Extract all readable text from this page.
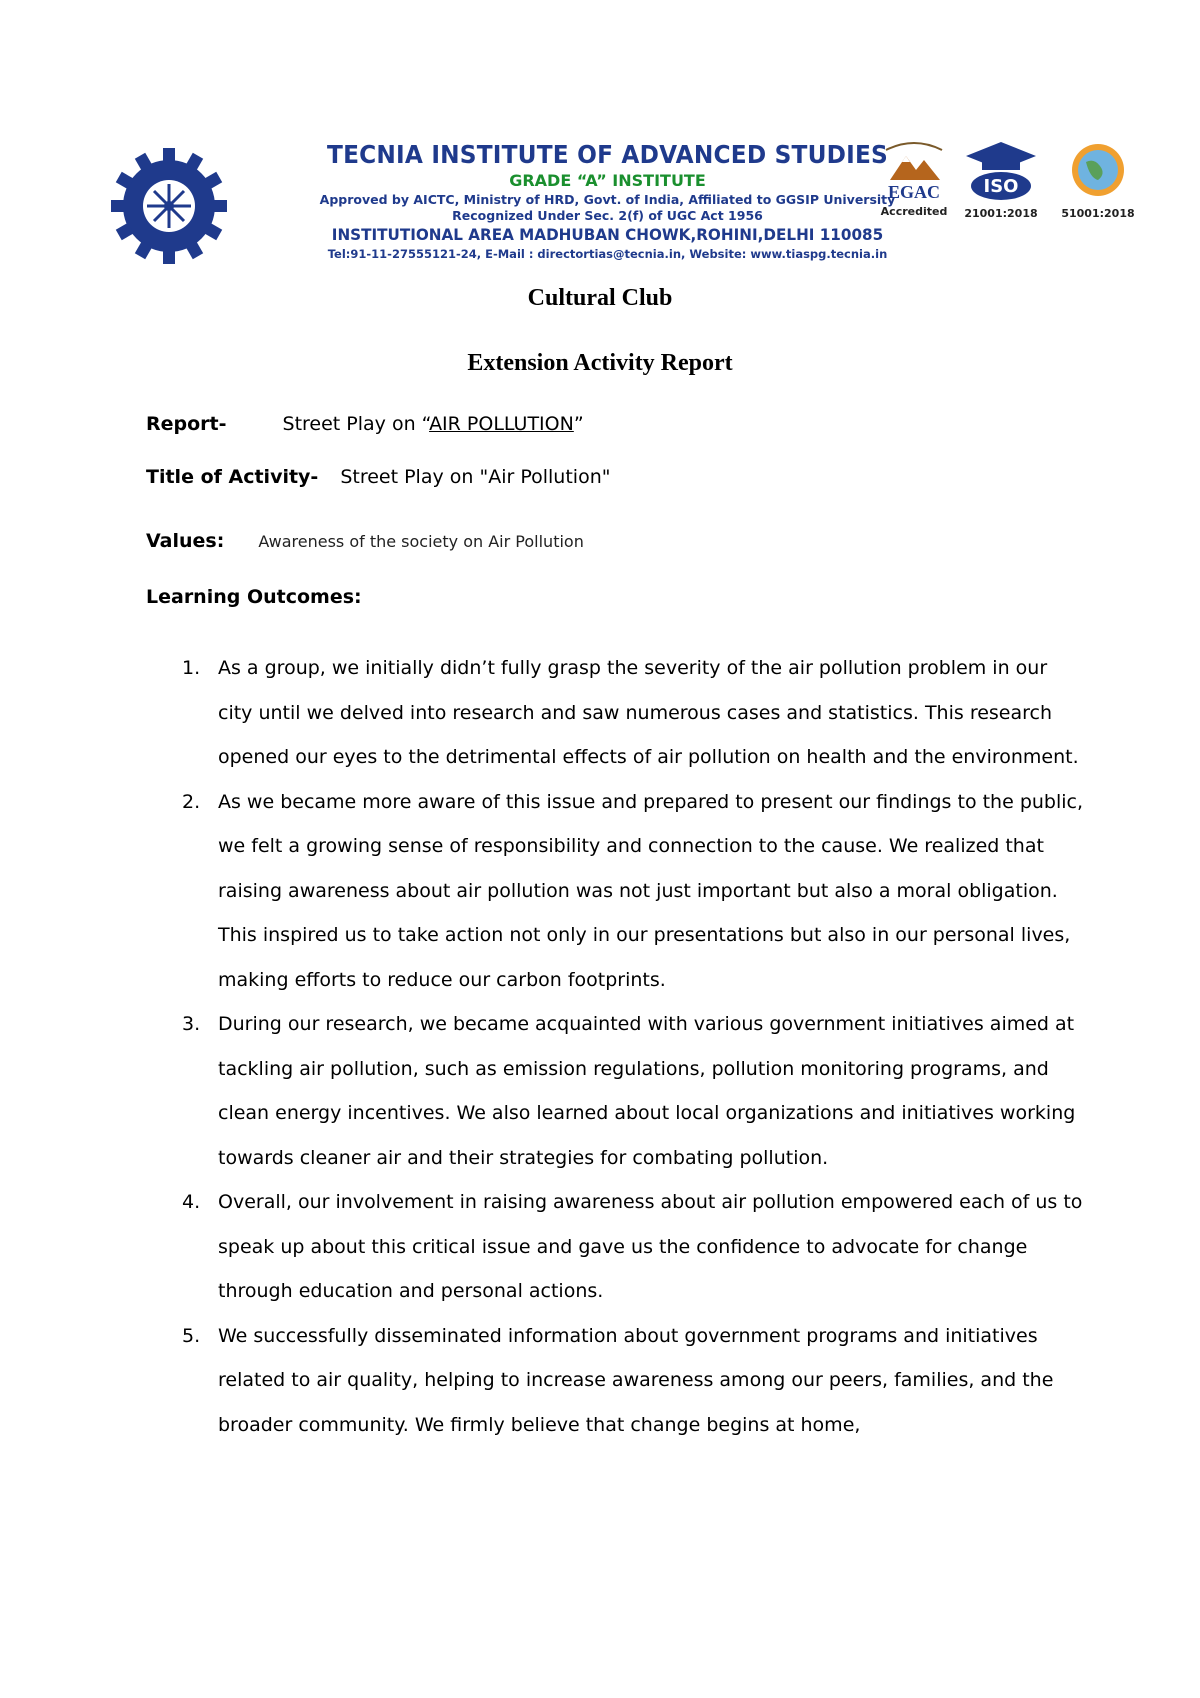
TECNIA INSTITUTE OF ADVANCED STUDIES
GRADE “A” INSTITUTE
Approved by AICTC, Ministry of HRD, Govt. of India, Affiliated to GGSIP University
Recognized Under Sec. 2(f) of UGC Act 1956
INSTITUTIONAL AREA MADHUBAN CHOWK,ROHINI,DELHI 110085
Tel:91-11-27555121-24, E-Mail : directortias@tecnia.in, Website: www.tiaspg.tecnia.in
EGAC
Accredited

ISO
21001:2018	51001:2018
Cultural Club
Extension Activity Report
Report-	Street Play on “AIR POLLUTION”
Title of Activity- Street Play on "Air Pollution"
Values: Awareness of the society on Air Pollution
Learning Outcomes:
1. As a group, we initially didn’t fully grasp the severity of the air pollution problem in our city until we delved into research and saw numerous cases and statistics. This research opened our eyes to the detrimental effects of air pollution on health and the environment.
2. As we became more aware of this issue and prepared to present our findings to the public, we felt a growing sense of responsibility and connection to the cause. We realized that raising awareness about air pollution was not just important but also a moral obligation. This inspired us to take action not only in our presentations but also in our personal lives, making efforts to reduce our carbon footprints.
3. During our research, we became acquainted with various government initiatives aimed at tackling air pollution, such as emission regulations, pollution monitoring programs, and clean energy incentives. We also learned about local organizations and initiatives working towards cleaner air and their strategies for combating pollution.
4. Overall, our involvement in raising awareness about air pollution empowered each of us to speak up about this critical issue and gave us the confidence to advocate for change through education and personal actions.
5. We successfully disseminated information about government programs and initiatives related to air quality, helping to increase awareness among our peers, families, and the broader community. We firmly believe that change begins at home,
